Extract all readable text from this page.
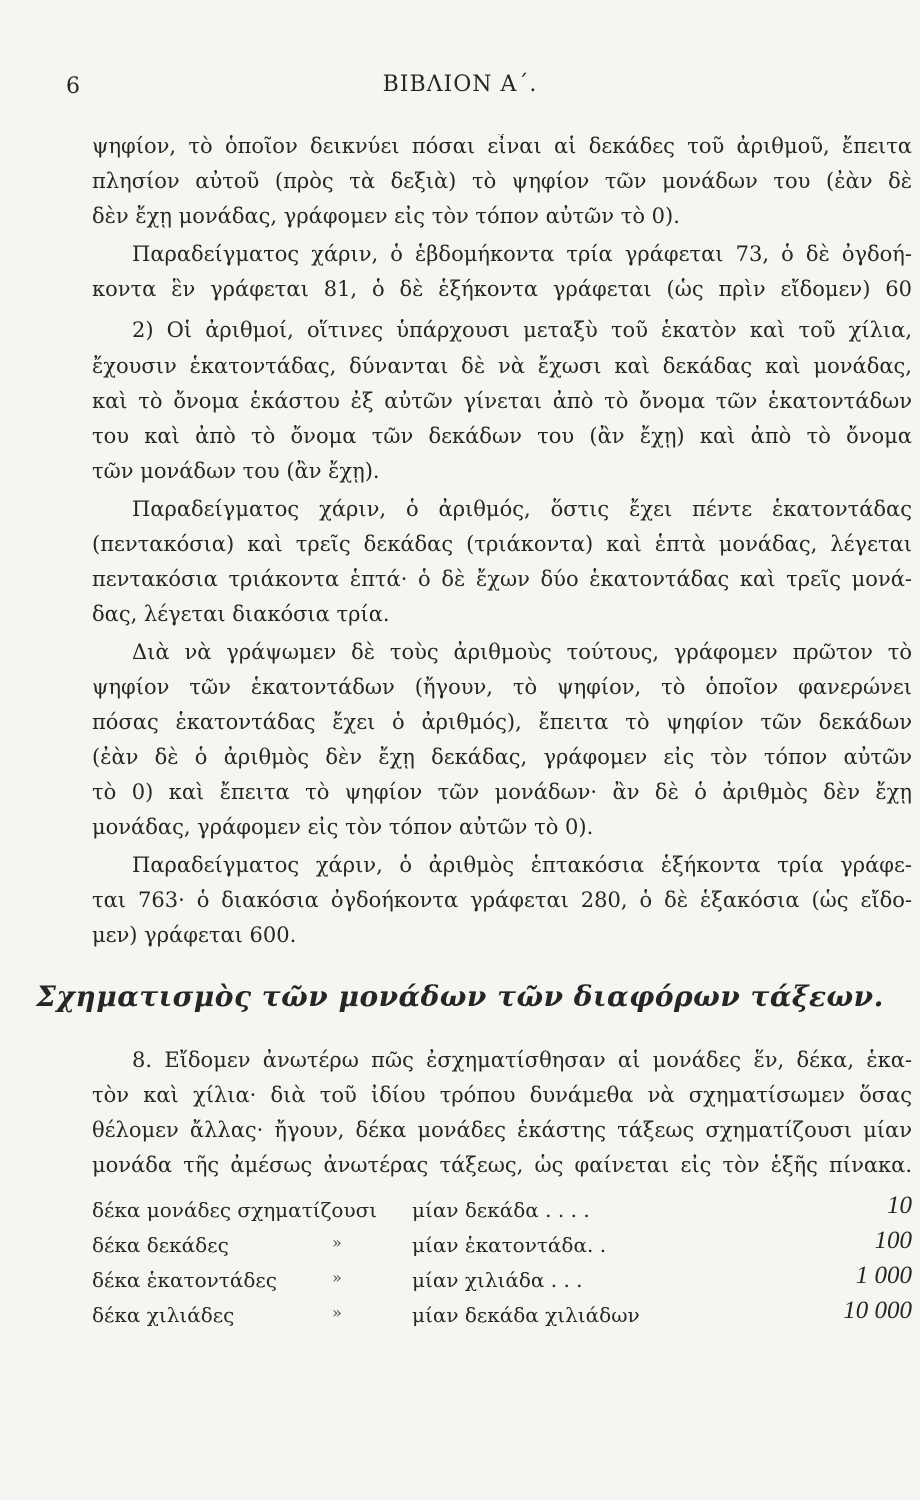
6	ΒΙΒΛΙΟΝ Α΄.
ψηφίον, τὸ ὁποῖον δεικνύει πόσαι εἶναι αἱ δεκάδες τοῦ ἀριθμοῦ, ἔπειτα
πλησίον αὐτοῦ (πρὸς τὰ δεξιὰ) τὸ ψηφίον τῶν μονάδων του (ἐὰν δὲ
δὲν ἔχῃ μονάδας, γράφομεν εἰς τὸν τόπον αὐτῶν τὸ 0).
Παραδείγματος χάριν, ὁ ἑβδομήκοντα τρία γράφεται 73, ὁ δὲ ὀγδοή-
κοντα ἓν γράφεται 81, ὁ δὲ ἑξήκοντα γράφεται (ὡς πρὶν εἴδομεν) 60
2) Οἱ ἀριθμοί, οἵτινες ὑπάρχουσι μεταξὺ τοῦ ἑκατὸν καὶ τοῦ χίλια,
ἔχουσιν ἑκατοντάδας, δύνανται δὲ νὰ ἔχωσι καὶ δεκάδας καὶ μονάδας,
καὶ τὸ ὄνομα ἑκάστου ἐξ αὐτῶν γίνεται ἀπὸ τὸ ὄνομα τῶν ἑκατοντάδων
του καὶ ἀπὸ τὸ ὄνομα τῶν δεκάδων του (ἂν ἔχῃ) καὶ ἀπὸ τὸ ὄνομα
τῶν μονάδων του (ἂν ἔχῃ).
Παραδείγματος χάριν, ὁ ἀριθμός, ὅστις ἔχει πέντε ἑκατοντάδας
(πεντακόσια) καὶ τρεῖς δεκάδας (τριάκοντα) καὶ ἑπτὰ μονάδας, λέγεται
πεντακόσια τριάκοντα ἑπτά· ὁ δὲ ἔχων δύο ἑκατοντάδας καὶ τρεῖς μονά-
δας, λέγεται διακόσια τρία.
Διὰ νὰ γράψωμεν δὲ τοὺς ἀριθμοὺς τούτους, γράφομεν πρῶτον τὸ
ψηφίον τῶν ἑκατοντάδων (ἤγουν, τὸ ψηφίον, τὸ ὁποῖον φανερώνει
πόσας ἑκατοντάδας ἔχει ὁ ἀριθμός), ἔπειτα τὸ ψηφίον τῶν δεκάδων
(ἐὰν δὲ ὁ ἀριθμὸς δὲν ἔχῃ δεκάδας, γράφομεν εἰς τὸν τόπον αὐτῶν
τὸ 0) καὶ ἔπειτα τὸ ψηφίον τῶν μονάδων· ἂν δὲ ὁ ἀριθμὸς δὲν ἔχῃ
μονάδας, γράφομεν εἰς τὸν τόπον αὐτῶν τὸ 0).
Παραδείγματος χάριν, ὁ ἀριθμὸς ἑπτακόσια ἑξήκοντα τρία γράφε-
ται 763· ὁ διακόσια ὀγδοήκοντα γράφεται 280, ὁ δὲ ἑξακόσια (ὡς εἴδο-
μεν) γράφεται 600.
Σχηματισμὸς τῶν μονάδων τῶν διαφόρων τάξεων.
8. Εἴδομεν ἀνωτέρω πῶς ἐσχηματίσθησαν αἱ μονάδες ἕν, δέκα, ἑκα-
τὸν καὶ χίλια· διὰ τοῦ ἰδίου τρόπου δυνάμεθα νὰ σχηματίσωμεν ὅσας
θέλομεν ἄλλας· ἤγουν, δέκα μονάδες ἑκάστης τάξεως σχηματίζουσι μίαν
μονάδα τῆς ἀμέσως ἀνωτέρας τάξεως, ὡς φαίνεται εἰς τὸν ἑξῆς πίνακα.
δέκα μονάδες σχηματίζουσι μίαν δεκάδα . . . .	10
δέκα δεκάδες	»	μίαν ἑκατοντάδα. .	100
δέκα ἑκατοντάδες	»	μίαν χιλιάδα . . .	1 000
δέκα χιλιάδες	»	μίαν δεκάδα χιλιάδων	10 000
